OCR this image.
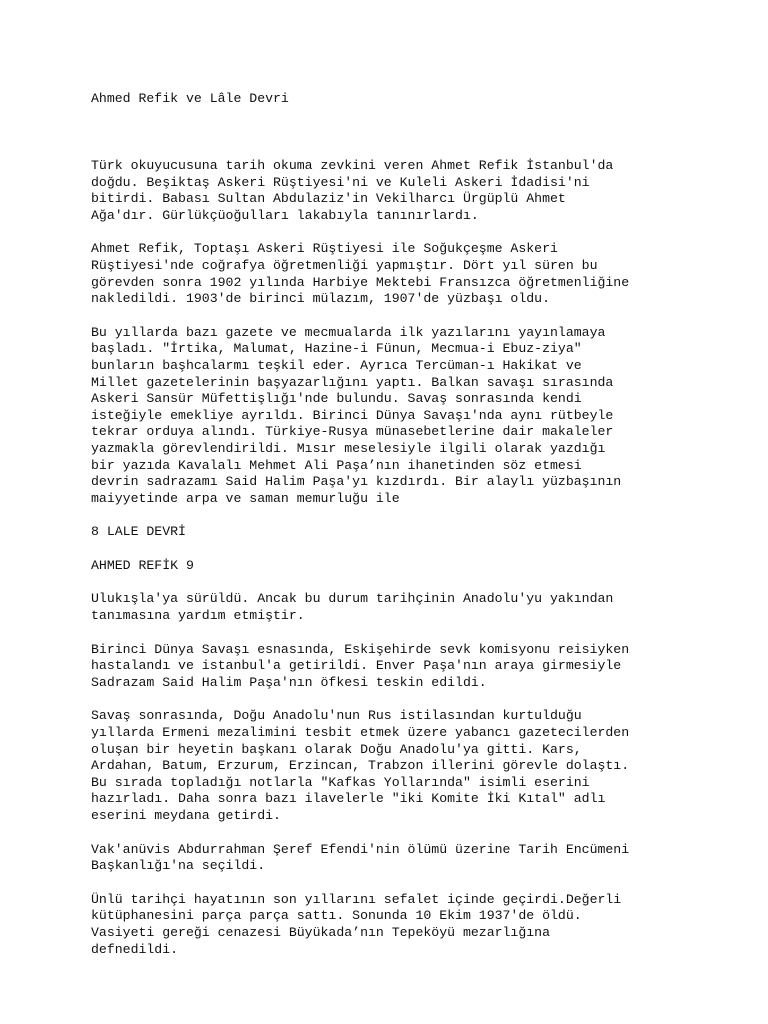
Ahmed Refik ve Lâle Devri

Türk okuyucusuna tarih okuma zevkini veren Ahmet Refik İstanbul'da
doğdu. Beşiktaş Askeri Rüştiyesi'ni ve Kuleli Askeri İdadisi'ni
bitirdi. Babası Sultan Abdulaziz'in Vekilharcı Ürgüplü Ahmet
Ağa'dır. Gürlükçüoğulları lakabıyla tanınırlardı.

Ahmet Refik, Toptaşı Askeri Rüştiyesi ile Soğukçeşme Askeri
Rüştiyesi'nde coğrafya öğretmenliği yapmıştır. Dört yıl süren bu
görevden sonra 1902 yılında Harbiye Mektebi Fransızca öğretmenliğine
nakledildi. 1903'de birinci mülazım, 1907'de yüzbaşı oldu.

Bu yıllarda bazı gazete ve mecmualarda ilk yazılarını yayınlamaya
başladı. "İrtika, Malumat, Hazine-i Fünun, Mecmua-i Ebuz-ziya"
bunların başhcalarmı teşkil eder. Ayrıca Tercüman-ı Hakikat ve
Millet gazetelerinin başyazarlığını yaptı. Balkan savaşı sırasında
Askeri Sansür Müfettişlığı'nde bulundu. Savaş sonrasında kendi
isteğiyle emekliye ayrıldı. Birinci Dünya Savaşı'nda aynı rütbeyle
tekrar orduya alındı. Türkiye-Rusya münasebetlerine dair makaleler
yazmakla görevlendirildi. Mısır meselesiyle ilgili olarak yazdığı
bir yazıda Kavalalı Mehmet Ali Paşa’nın ihanetinden söz etmesi
devrin sadrazamı Said Halim Paşa'yı kızdırdı. Bir alaylı yüzbaşının
maiyyetinde arpa ve saman memurluğu ile

8 LALE DEVRİ

AHMED REFİK 9

Ulukışla'ya sürüldü. Ancak bu durum tarihçinin Anadolu'yu yakından
tanımasına yardım etmiştir.

Birinci Dünya Savaşı esnasında, Eskişehirde sevk komisyonu reisiyken
hastalandı ve istanbul'a getirildi. Enver Paşa'nın araya girmesiyle
Sadrazam Said Halim Paşa'nın öfkesi teskin edildi.

Savaş sonrasında, Doğu Anadolu'nun Rus istilasından kurtulduğu
yıllarda Ermeni mezalimini tesbit etmek üzere yabancı gazetecilerden
oluşan bir heyetin başkanı olarak Doğu Anadolu'ya gitti. Kars,
Ardahan, Batum, Erzurum, Erzincan, Trabzon illerini görevle dolaştı.
Bu sırada topladığı notlarla "Kafkas Yollarında" isimli eserini
hazırladı. Daha sonra bazı ilavelerle "iki Komite İki Kıtal" adlı
eserini meydana getirdi.

Vak'anüvis Abdurrahman Şeref Efendi'nin ölümü üzerine Tarih Encümeni
Başkanlığı'na seçildi.

Ünlü tarihçi hayatının son yıllarını sefalet içinde geçirdi.Değerli
kütüphanesini parça parça sattı. Sonunda 10 Ekim 1937'de öldü.
Vasiyeti gereği cenazesi Büyükada’nın Tepeköyü mezarlığına
defnedildi.
